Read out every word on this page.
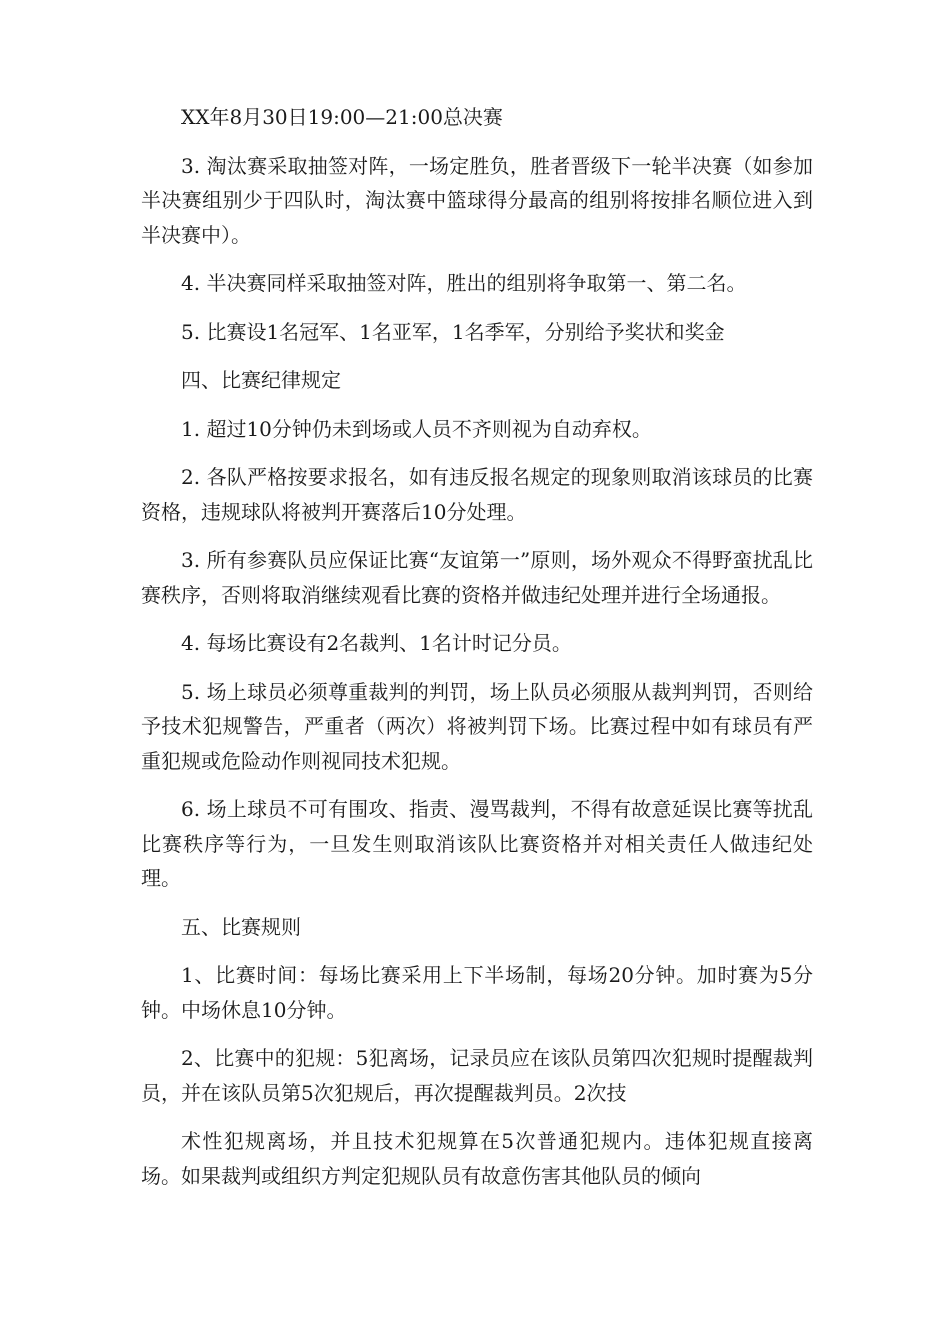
XX年8月30日19:00—21:00总决赛

3. 淘汰赛采取抽签对阵，一场定胜负，胜者晋级下一轮半决赛（如参加半决赛组别少于四队时，淘汰赛中篮球得分最高的组别将按排名顺位进入到半决赛中）。

4. 半决赛同样采取抽签对阵，胜出的组别将争取第一、第二名。

5. 比赛设1名冠军、1名亚军，1名季军，分别给予奖状和奖金

四、比赛纪律规定

1. 超过10分钟仍未到场或人员不齐则视为自动弃权。

2. 各队严格按要求报名，如有违反报名规定的现象则取消该球员的比赛资格，违规球队将被判开赛落后10分处理。

3. 所有参赛队员应保证比赛“友谊第一”原则，场外观众不得野蛮扰乱比赛秩序，否则将取消继续观看比赛的资格并做违纪处理并进行全场通报。

4. 每场比赛设有2名裁判、1名计时记分员。

5. 场上球员必须尊重裁判的判罚，场上队员必须服从裁判判罚，否则给予技术犯规警告，严重者（两次）将被判罚下场。比赛过程中如有球员有严重犯规或危险动作则视同技术犯规。

6. 场上球员不可有围攻、指责、漫骂裁判，不得有故意延误比赛等扰乱比赛秩序等行为，一旦发生则取消该队比赛资格并对相关责任人做违纪处理。

五、比赛规则

1、比赛时间：每场比赛采用上下半场制，每场20分钟。加时赛为5分钟。中场休息10分钟。

2、比赛中的犯规：5犯离场，记录员应在该队员第四次犯规时提醒裁判员，并在该队员第5次犯规后，再次提醒裁判员。2次技

术性犯规离场，并且技术犯规算在5次普通犯规内。违体犯规直接离场。如果裁判或组织方判定犯规队员有故意伤害其他队员的倾向
